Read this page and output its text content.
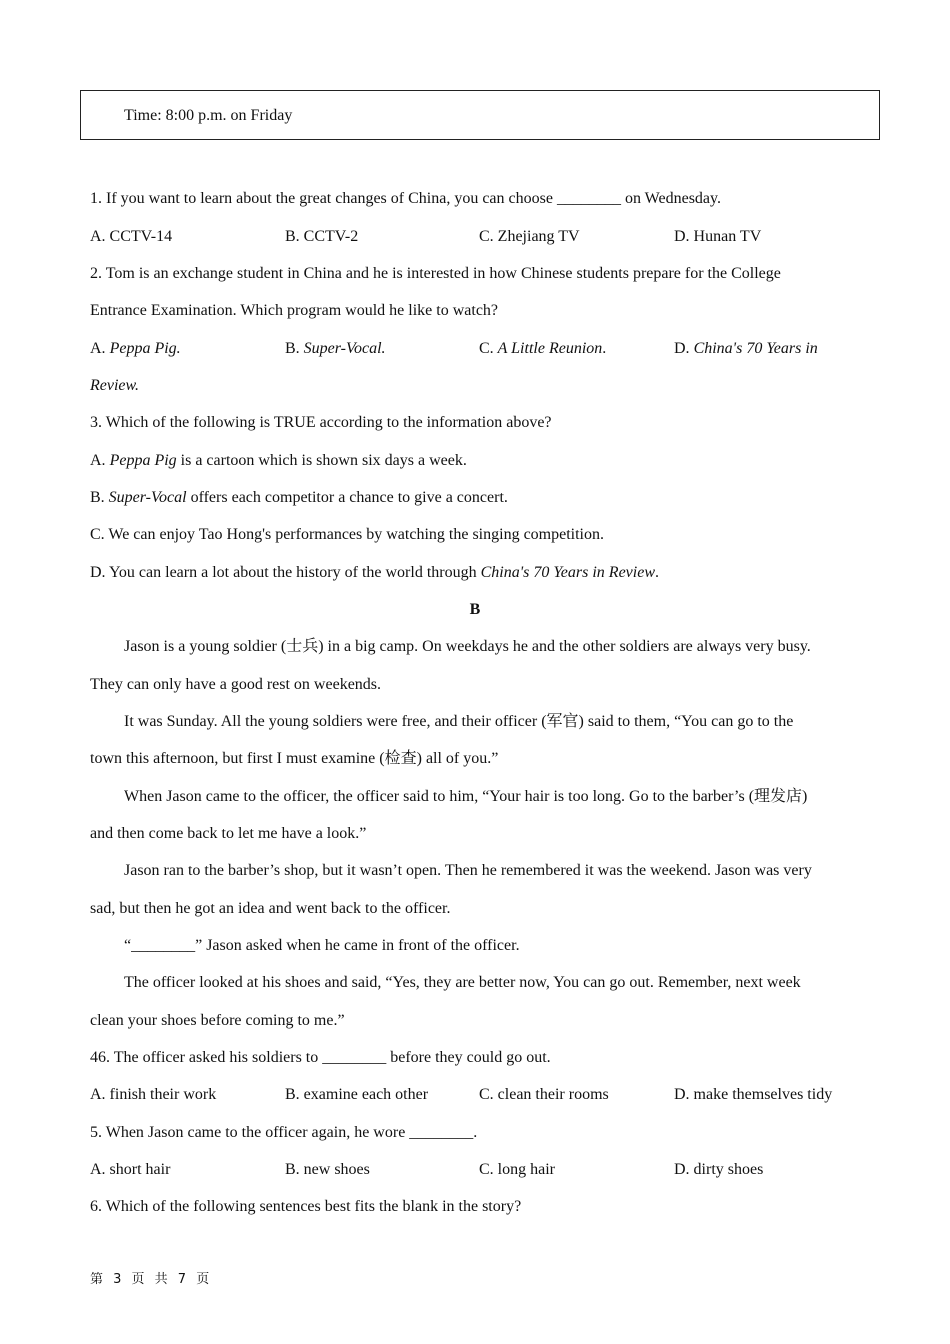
Time: 8:00 p.m. on Friday
1. If you want to learn about the great changes of China, you can choose ________ on Wednesday.
A. CCTV-14	B. CCTV-2	C. Zhejiang TV	D. Hunan TV
2. Tom is an exchange student in China and he is interested in how Chinese students prepare for the College
Entrance Examination. Which program would he like to watch?
A. Peppa Pig.	B. Super-Vocal.	C. A Little Reunion.	D. China's 70 Years in
Review.
3. Which of the following is TRUE according to the information above?
A. Peppa Pig is a cartoon which is shown six days a week.
B. Super-Vocal offers each competitor a chance to give a concert.
C. We can enjoy Tao Hong's performances by watching the singing competition.
D. You can learn a lot about the history of the world through China's 70 Years in Review.
B
Jason is a young soldier (士兵) in a big camp. On weekdays he and the other soldiers are always very busy.
They can only have a good rest on weekends.
It was Sunday. All the young soldiers were free, and their officer (军官) said to them, “You can go to the
town this afternoon, but first I must examine (检查) all of you.”
When Jason came to the officer, the officer said to him, “Your hair is too long. Go to the barber’s (理发店)
and then come back to let me have a look.”
Jason ran to the barber’s shop, but it wasn’t open. Then he remembered it was the weekend. Jason was very
sad, but then he got an idea and went back to the officer.
“________” Jason asked when he came in front of the officer.
The officer looked at his shoes and said, “Yes, they are better now, You can go out. Remember, next week
clean your shoes before coming to me.”
46. The officer asked his soldiers to ________ before they could go out.
A. finish their work	B. examine each other	C. clean their rooms	D. make themselves tidy
5. When Jason came to the officer again, he wore ________.
A. short hair	B. new shoes	C. long hair	D. dirty shoes
6. Which of the following sentences best fits the blank in the story?
第 3 页 共 7 页
